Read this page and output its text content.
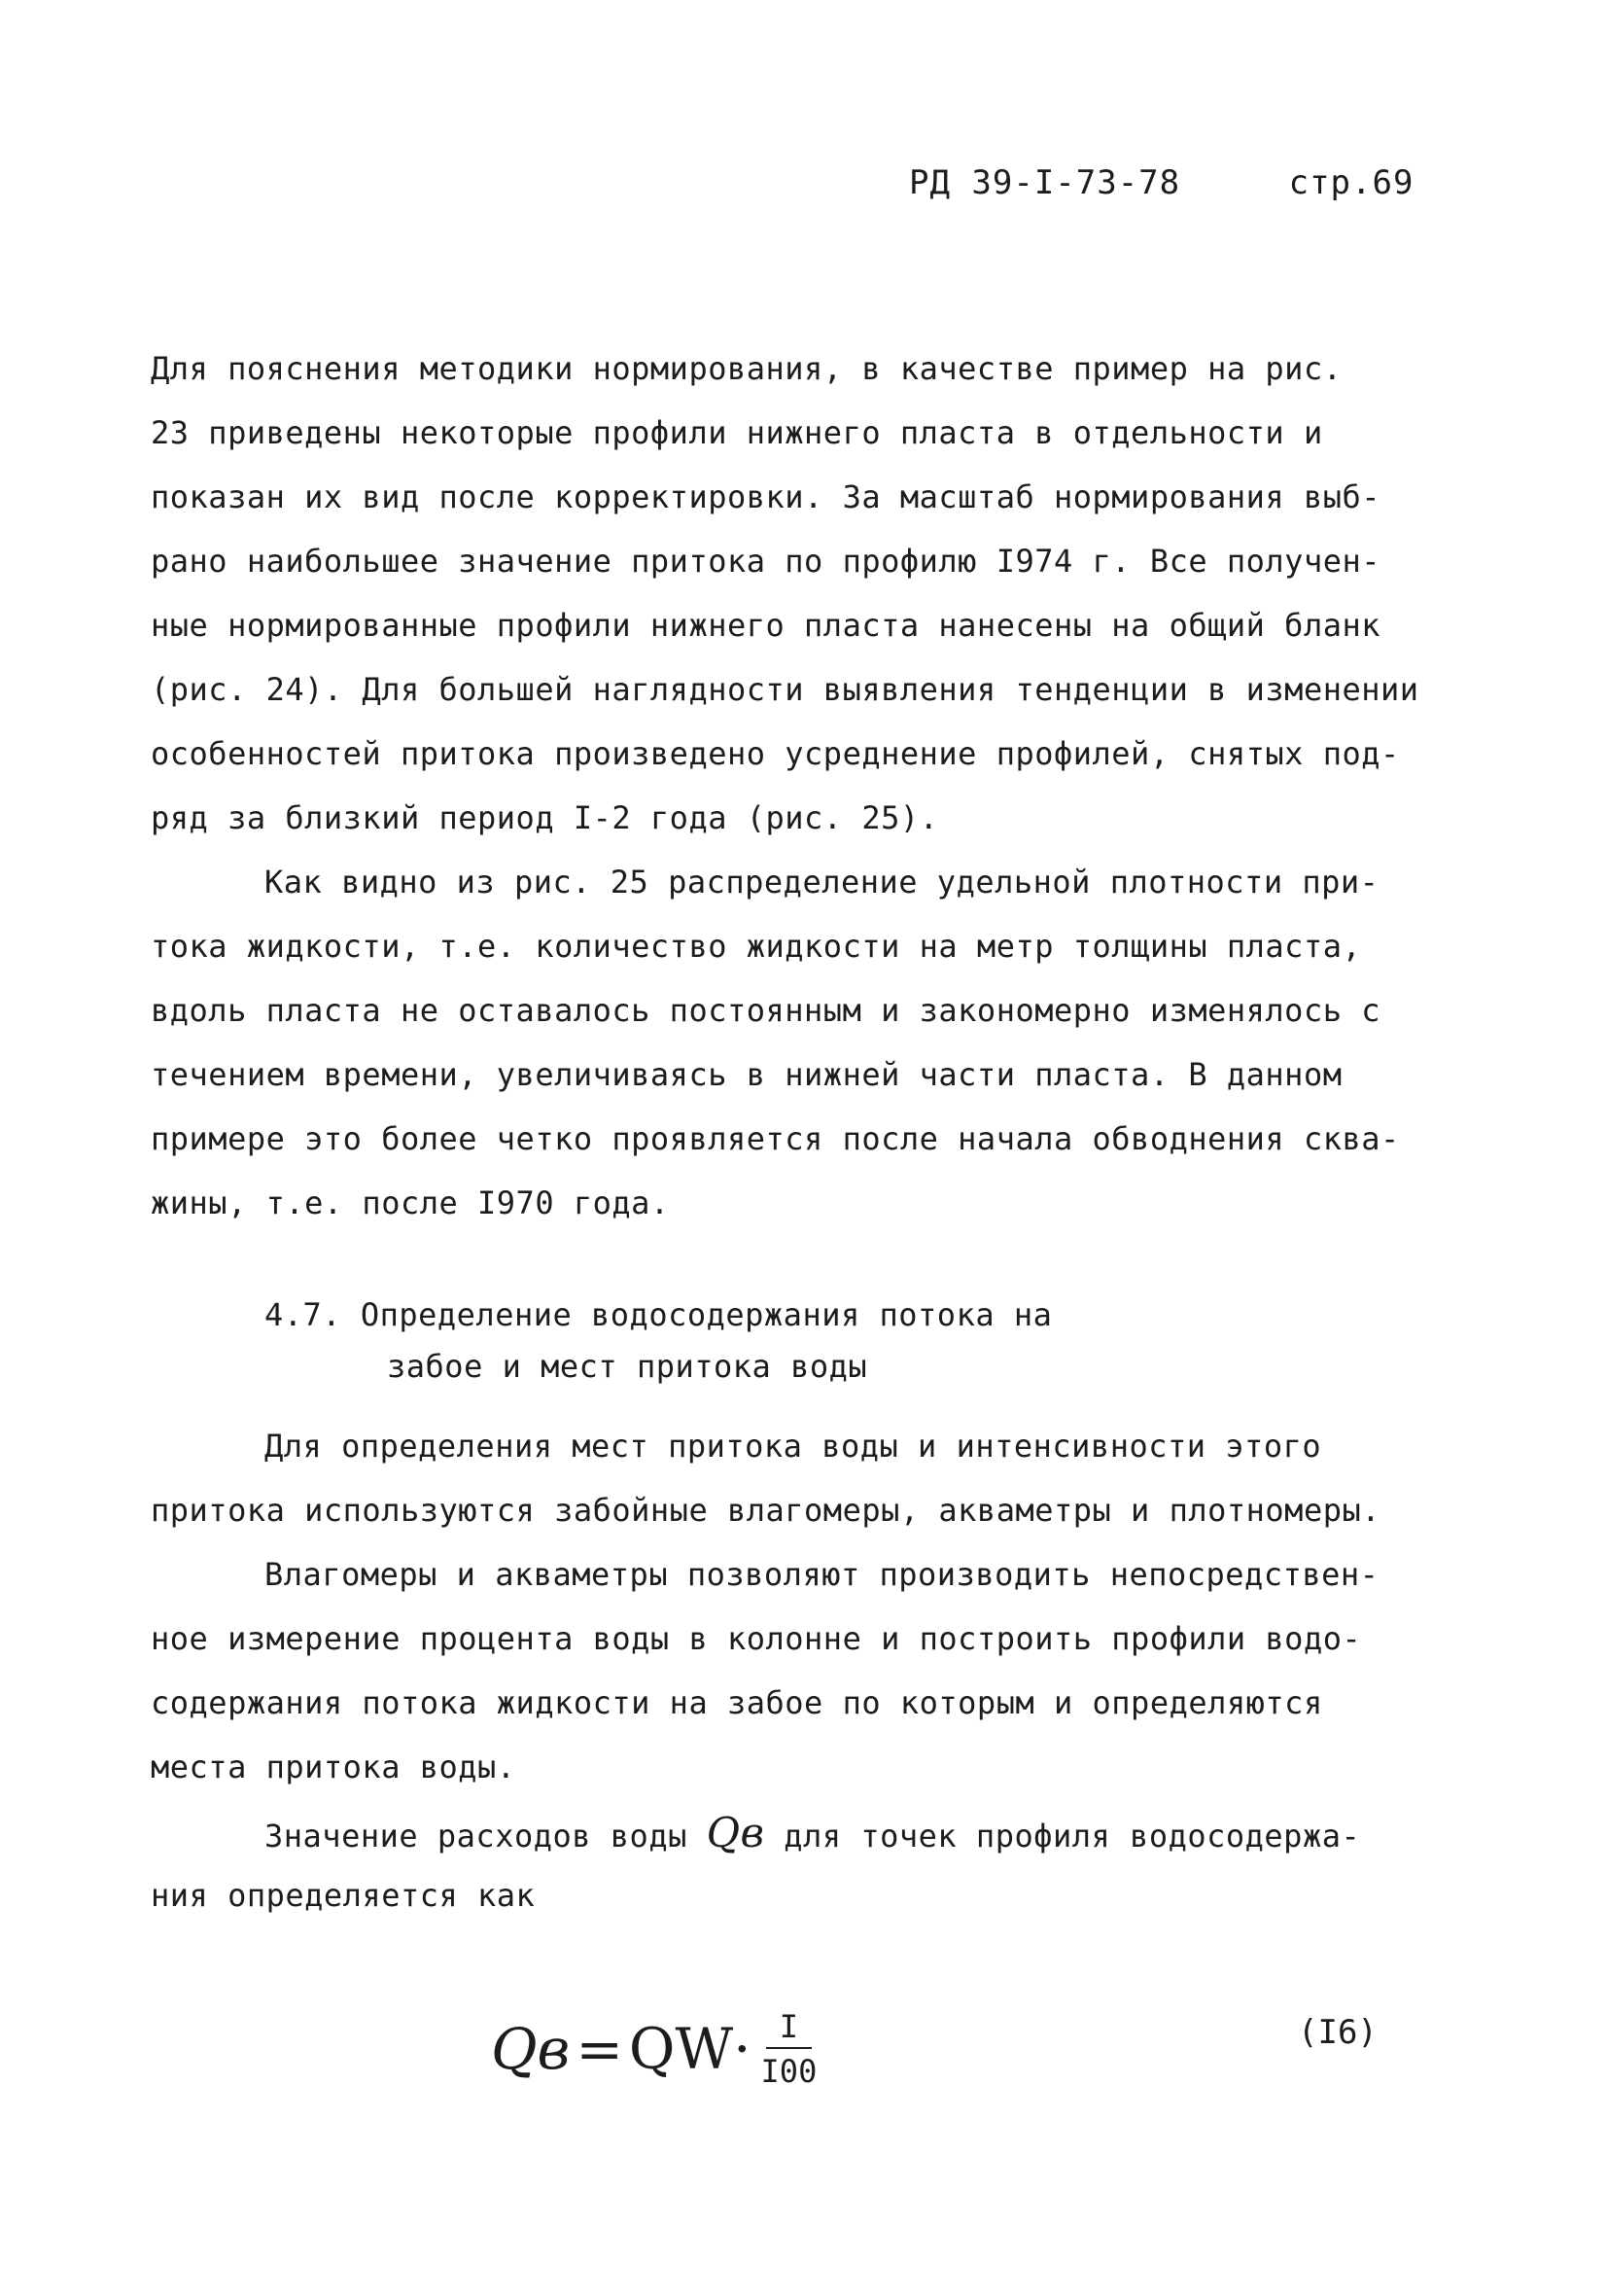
РД 39-I-73-78	стр.69
Для пояснения методики нормирования, в качестве пример на рис.
23 приведены некоторые профили нижнего пласта в отдельности и
показан их вид после корректировки. За масштаб нормирования выб-
рано наибольшее значение притока по профилю I974 г. Все получен-
ные нормированные профили нижнего пласта нанесены на общий бланк
(рис. 24). Для большей наглядности выявления тенденции в изменении
особенностей притока произведено усреднение профилей, снятых под-
ряд за близкий период I-2 года (рис. 25).
Как видно из рис. 25 распределение удельной плотности при-
тока жидкости, т.е. количество жидкости на метр толщины пласта,
вдоль пласта не оставалось постоянным и закономерно изменялось с
течением времени, увеличиваясь в нижней части пласта. В данном
примере это более четко проявляется после начала обводнения сква-
жины, т.е. после I970 года.
4.7. Определение водосодержания потока на
забое и мест притока воды
Для определения мест притока воды и интенсивности этого
притока используются забойные влагомеры, акваметры и плотномеры.
Влагомеры и акваметры позволяют производить непосредствен-
ное измерение процента воды в колонне и построить профили водо-
содержания потока жидкости на забое по которым и определяются
места притока воды.
Значение расходов воды Qв для точек профиля водосодержа-
ния определяется как
Qв = QW · $\frac{I}{I00}$	(I6)
